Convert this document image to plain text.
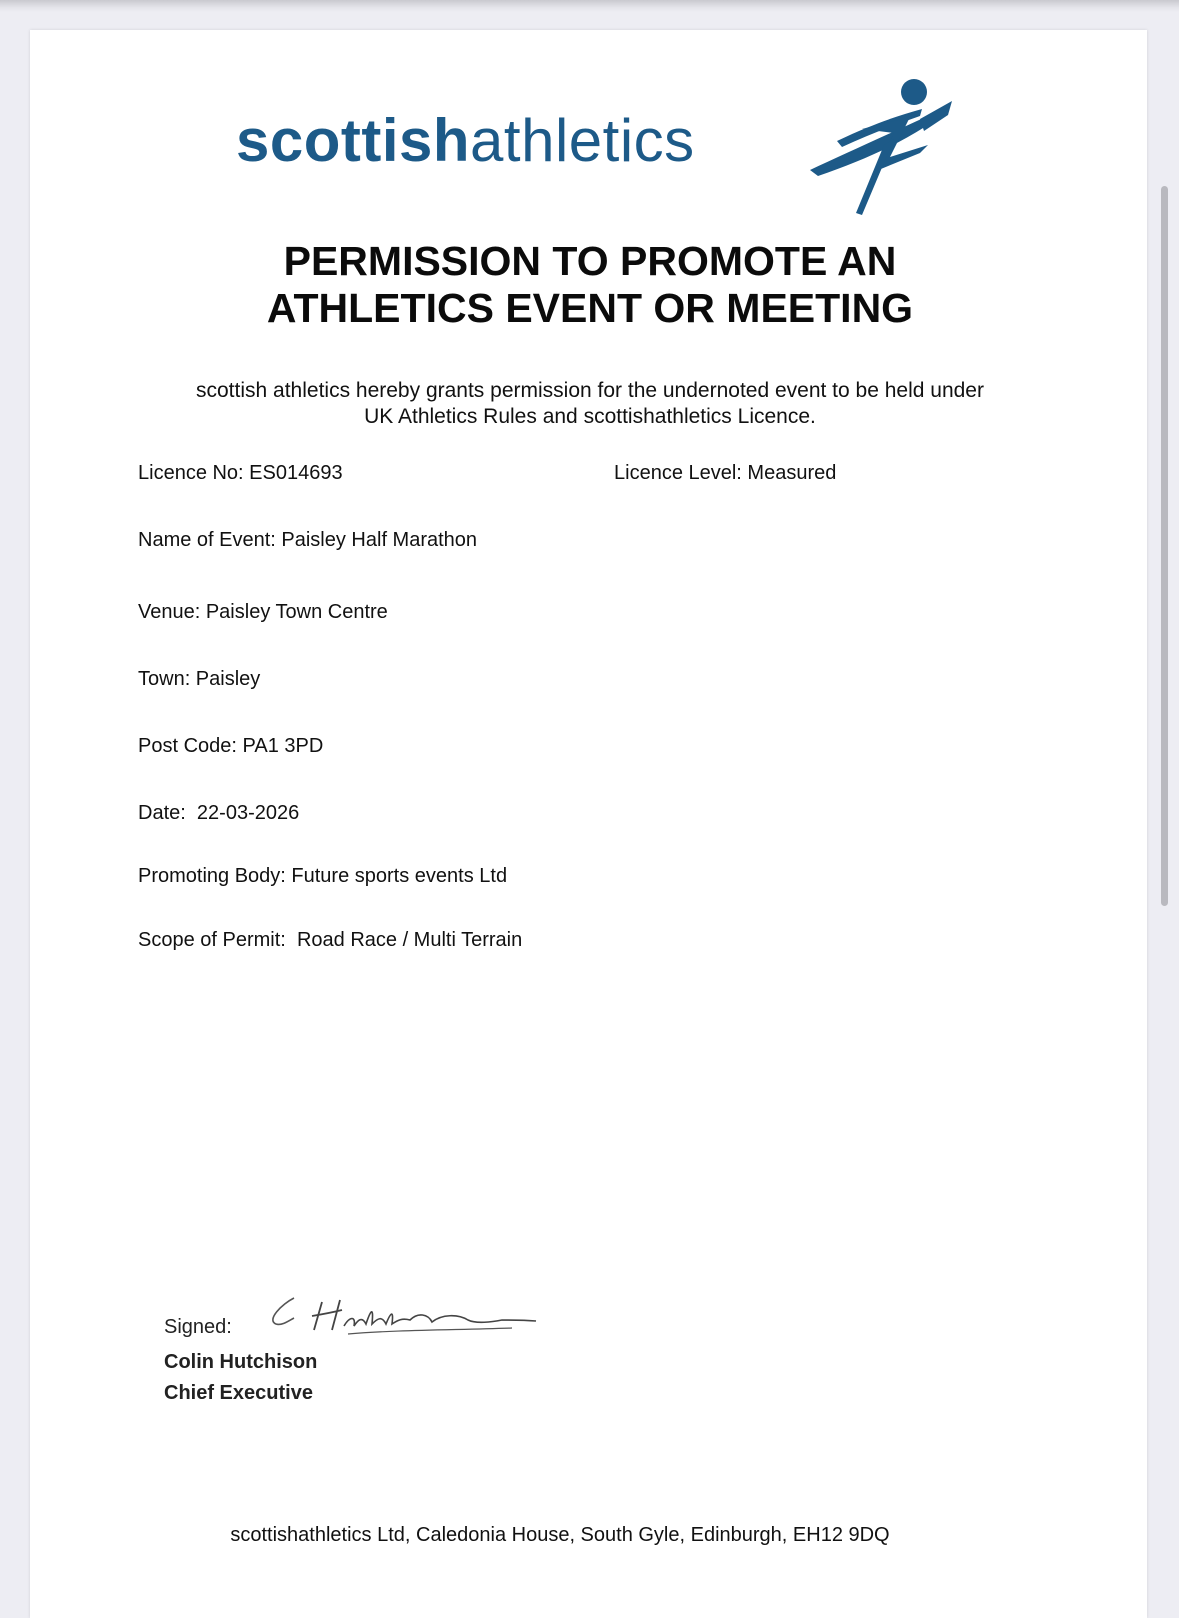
scottishathletics
PERMISSION TO PROMOTE AN
ATHLETICS EVENT OR MEETING

scottish athletics hereby grants permission for the undernoted event to be held under
UK Athletics Rules and scottishathletics Licence.

Licence No: ES014693	Licence Level: Measured
Name of Event: Paisley Half Marathon
Venue: Paisley Town Centre
Town: Paisley
Post Code: PA1 3PD
Date:  22-03-2026
Promoting Body: Future sports events Ltd
Scope of Permit:  Road Race / Multi Terrain
Signed:
Colin Hutchison
Chief Executive
scottishathletics Ltd, Caledonia House, South Gyle, Edinburgh, EH12 9DQ
